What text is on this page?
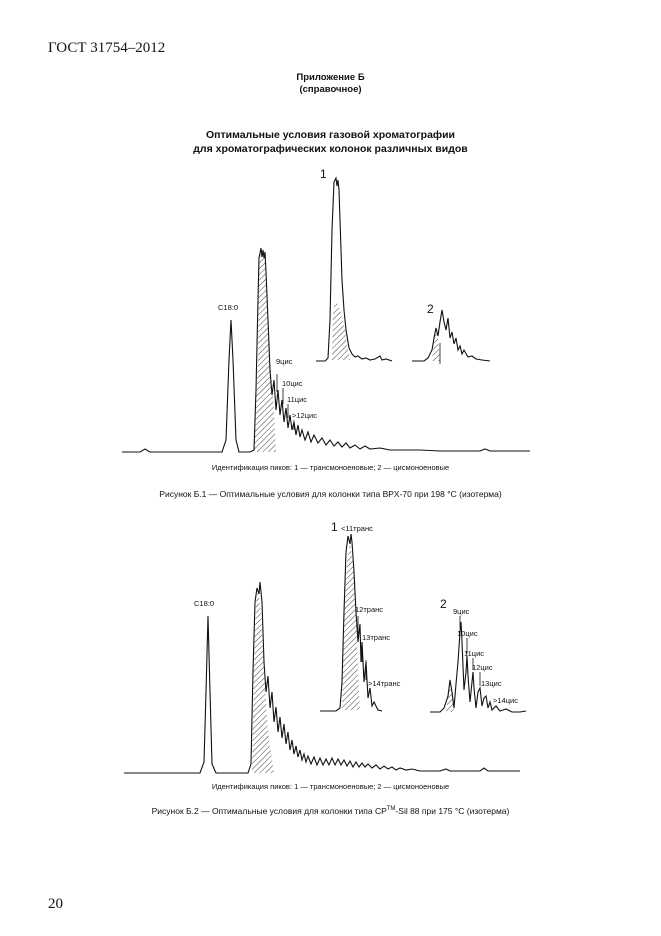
ГОСТ 31754–2012
Приложение Б
(справочное)
Оптимальные условия газовой хроматографии
для хроматографических колонок различных видов
С18:0
9цис
10цис
11цис
>12цис
1
2
Идентификация пиков: 1 — трансмоноеновые; 2 — цисмоноеновые
Рисунок Б.1 — Оптимальные условия для колонки типа BPX-70 при 198 °С (изотерма)
С18:0
1 <11транс
12транс
13транс
>14транс
2
9цис
10цис
11цис
12цис
13цис
>14цис
Идентификация пиков: 1 — трансмоноеновые; 2 — цисмоноеновые
Рисунок Б.2 — Оптимальные условия для колонки типа CP™-Sil 88 при 175 °С (изотерма)
20
